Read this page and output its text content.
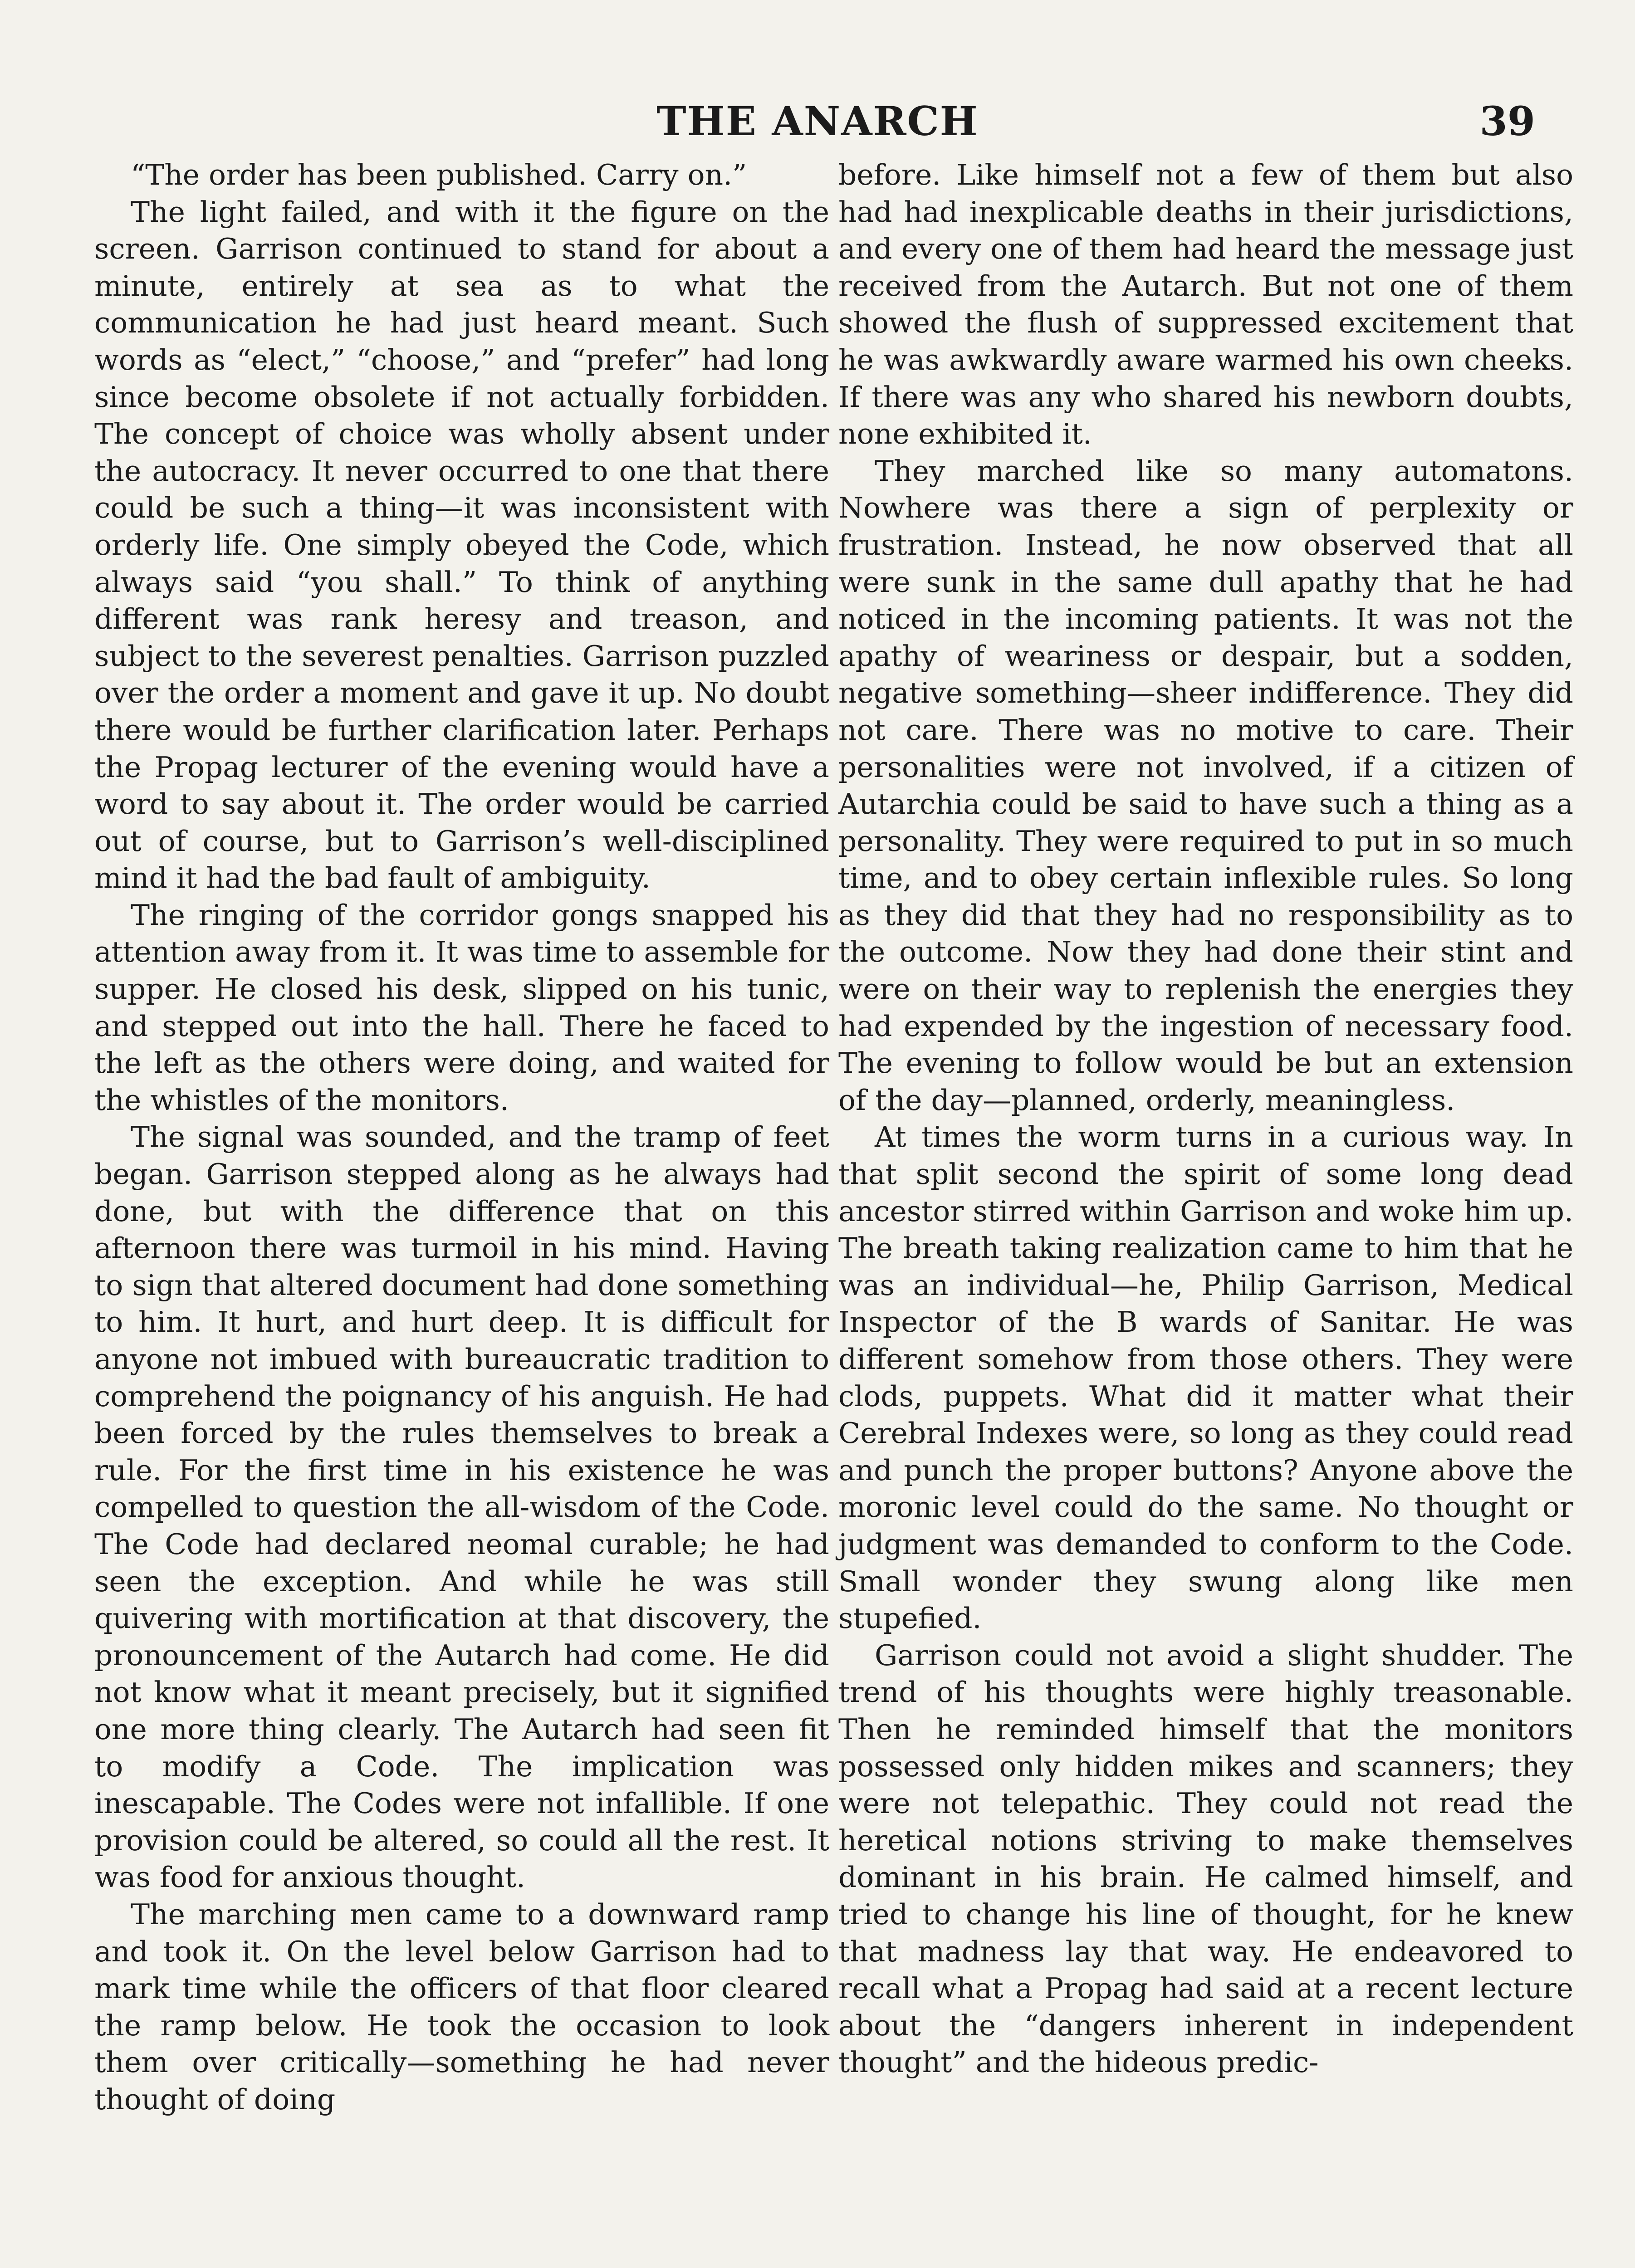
THE ANARCH	39

“The order has been published. Carry on.”

The light failed, and with it the figure on the screen. Garrison continued to stand for about a minute, entirely at sea as to what the communication he had just heard meant. Such words as “elect,” “choose,” and “prefer” had long since become obsolete if not actually forbidden. The concept of choice was wholly absent under the autocracy. It never occurred to one that there could be such a thing—it was inconsistent with orderly life. One simply obeyed the Code, which always said “you shall.” To think of anything different was rank heresy and treason, and subject to the severest penalties. Garrison puzzled over the order a moment and gave it up. No doubt there would be further clarification later. Perhaps the Propag lecturer of the evening would have a word to say about it. The order would be carried out of course, but to Garrison’s well-disciplined mind it had the bad fault of ambiguity.

The ringing of the corridor gongs snapped his attention away from it. It was time to assemble for supper. He closed his desk, slipped on his tunic, and stepped out into the hall. There he faced to the left as the others were doing, and waited for the whistles of the monitors.

The signal was sounded, and the tramp of feet began. Garrison stepped along as he always had done, but with the difference that on this afternoon there was turmoil in his mind. Having to sign that altered document had done something to him. It hurt, and hurt deep. It is difficult for anyone not imbued with bureaucratic tradition to comprehend the poignancy of his anguish. He had been forced by the rules themselves to break a rule. For the first time in his existence he was compelled to question the all-wisdom of the Code. The Code had declared neomal curable; he had seen the exception. And while he was still quivering with mortification at that discovery, the pronouncement of the Autarch had come. He did not know what it meant precisely, but it signified one more thing clearly. The Autarch had seen fit to modify a Code. The implication was inescapable. The Codes were not infallible. If one provision could be altered, so could all the rest. It was food for anxious thought.

The marching men came to a downward ramp and took it. On the level below Garrison had to mark time while the officers of that floor cleared the ramp below. He took the occasion to look them over critically—something he had never thought of doing

before. Like himself not a few of them but also had had inexplicable deaths in their jurisdictions, and every one of them had heard the message just received from the Autarch. But not one of them showed the flush of suppressed excitement that he was awkwardly aware warmed his own cheeks. If there was any who shared his newborn doubts, none exhibited it.

They marched like so many automatons. Nowhere was there a sign of perplexity or frustration. Instead, he now observed that all were sunk in the same dull apathy that he had noticed in the incoming patients. It was not the apathy of weariness or despair, but a sodden, negative something—sheer indifference. They did not care. There was no motive to care. Their personalities were not involved, if a citizen of Autarchia could be said to have such a thing as a personality. They were required to put in so much time, and to obey certain inflexible rules. So long as they did that they had no responsibility as to the outcome. Now they had done their stint and were on their way to replenish the energies they had expended by the ingestion of necessary food. The evening to follow would be but an extension of the day—planned, orderly, meaningless.

At times the worm turns in a curious way. In that split second the spirit of some long dead ancestor stirred within Garrison and woke him up. The breath taking realization came to him that he was an individual—he, Philip Garrison, Medical Inspector of the B wards of Sanitar. He was different somehow from those others. They were clods, puppets. What did it matter what their Cerebral Indexes were, so long as they could read and punch the proper buttons? Anyone above the moronic level could do the same. No thought or judgment was demanded to conform to the Code. Small wonder they swung along like men stupefied.

Garrison could not avoid a slight shudder. The trend of his thoughts were highly treasonable. Then he reminded himself that the monitors possessed only hidden mikes and scanners; they were not telepathic. They could not read the heretical notions striving to make themselves dominant in his brain. He calmed himself, and tried to change his line of thought, for he knew that madness lay that way. He endeavored to recall what a Propag had said at a recent lecture about the “dangers inherent in independent thought” and the hideous predic-
